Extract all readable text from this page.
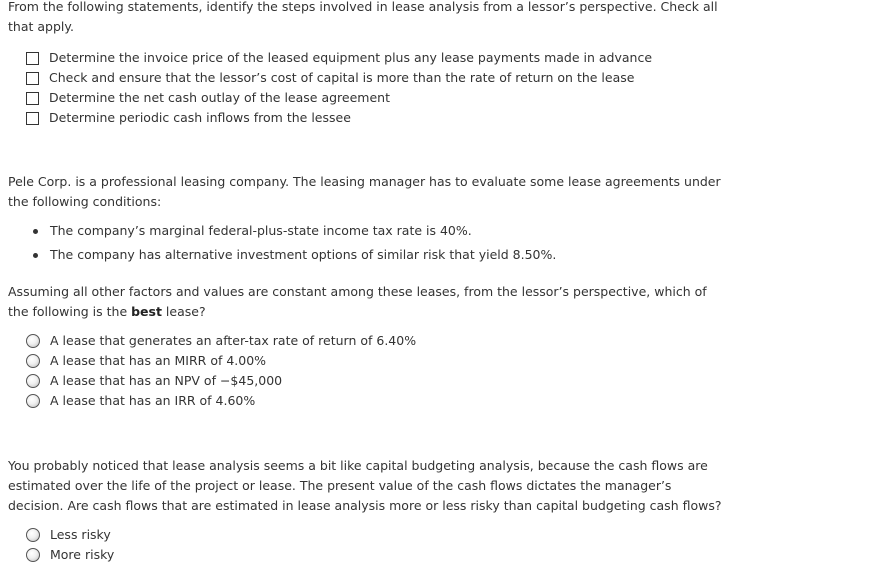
From the following statements, identify the steps involved in lease analysis from a lessor’s perspective. Check all that apply.
Determine the invoice price of the leased equipment plus any lease payments made in advance
Check and ensure that the lessor’s cost of capital is more than the rate of return on the lease
Determine the net cash outlay of the lease agreement
Determine periodic cash inflows from the lessee
Pele Corp. is a professional leasing company. The leasing manager has to evaluate some lease agreements under the following conditions:
The company’s marginal federal-plus-state income tax rate is 40%.
The company has alternative investment options of similar risk that yield 8.50%.
Assuming all other factors and values are constant among these leases, from the lessor’s perspective, which of the following is the best lease?
A lease that generates an after-tax rate of return of 6.40%
A lease that has an MIRR of 4.00%
A lease that has an NPV of −$45,000
A lease that has an IRR of 4.60%
You probably noticed that lease analysis seems a bit like capital budgeting analysis, because the cash flows are estimated over the life of the project or lease. The present value of the cash flows dictates the manager’s decision. Are cash flows that are estimated in lease analysis more or less risky than capital budgeting cash flows?
Less risky
More risky
